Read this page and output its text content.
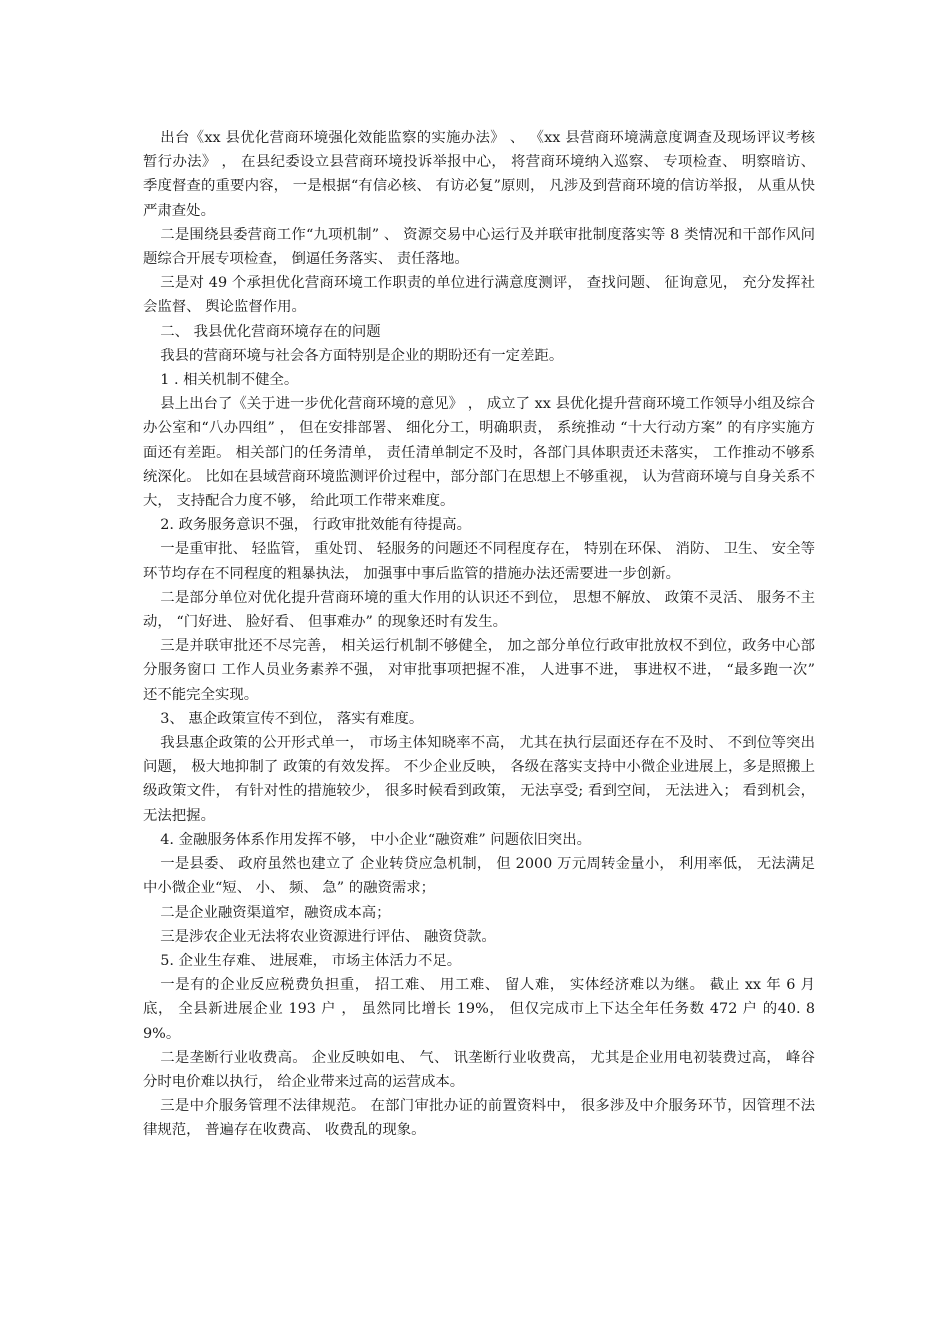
出台《xx 县优化营商环境强化效能监察的实施办法》 、 《xx 县营商环境满意度调查及现场评议考核暂行办法》 ， 在县纪委设立县营商环境投诉举报中心， 将营商环境纳入巡察、 专项检查、 明察暗访、 季度督查的重要内容， 一是根据“有信必核、 有访必复”原则， 凡涉及到营商环境的信访举报， 从重从快严肃查处。

二是围绕县委营商工作“九项机制” 、 资源交易中心运行及并联审批制度落实等 8 类情况和干部作风问题综合开展专项检查， 倒逼任务落实、 责任落地。

三是对 49 个承担优化营商环境工作职责的单位进行满意度测评， 查找问题、 征询意见， 充分发挥社会监督、 舆论监督作用。

二、 我县优化营商环境存在的问题

我县的营商环境与社会各方面特别是企业的期盼还有一定差距。

1 . 相关机制不健全。

县上出台了《关于进一步优化营商环境的意见》 ， 成立了 xx 县优化提升营商环境工作领导小组及综合办公室和“八办四组” ， 但在安排部署、 细化分工，明确职责， 系统推动 “十大行动方案” 的有序实施方面还有差距。 相关部门的任务清单， 责任清单制定不及时，各部门具体职责还未落实， 工作推动不够系统深化。 比如在县域营商环境监测评价过程中，部分部门在思想上不够重视， 认为营商环境与自身关系不大， 支持配合力度不够， 给此项工作带来难度。

2. 政务服务意识不强， 行政审批效能有待提高。

一是重审批、 轻监管， 重处罚、 轻服务的问题还不同程度存在， 特别在环保、 消防、 卫生、 安全等环节均存在不同程度的粗暴执法， 加强事中事后监管的措施办法还需要进一步创新。

二是部分单位对优化提升营商环境的重大作用的认识还不到位， 思想不解放、 政策不灵活、 服务不主动， “门好进、 脸好看、 但事难办” 的现象还时有发生。

三是并联审批还不尽完善， 相关运行机制不够健全， 加之部分单位行政审批放权不到位，政务中心部分服务窗口 工作人员业务素养不强， 对审批事项把握不准， 人进事不进， 事进权不进， “最多跑一次” 还不能完全实现。

3、 惠企政策宣传不到位， 落实有难度。

我县惠企政策的公开形式单一， 市场主体知晓率不高， 尤其在执行层面还存在不及时、 不到位等突出问题， 极大地抑制了 政策的有效发挥。 不少企业反映， 各级在落实支持中小微企业进展上，多是照搬上级政策文件， 有针对性的措施较少， 很多时候看到政策， 无法享受; 看到空间， 无法进入； 看到机会， 无法把握。

4. 金融服务体系作用发挥不够， 中小企业“融资难” 问题依旧突出。

一是县委、 政府虽然也建立了 企业转贷应急机制， 但 2000 万元周转金量小， 利用率低， 无法满足中小微企业“短、 小、 频、 急” 的融资需求；

二是企业融资渠道窄，融资成本高；

三是涉农企业无法将农业资源进行评估、 融资贷款。

5. 企业生存难、 进展难， 市场主体活力不足。

一是有的企业反应税费负担重， 招工难、 用工难、 留人难， 实体经济难以为继。 截止 xx 年 6 月 底， 全县新进展企业 193 户 ， 虽然同比增长 19%， 但仅完成市上下达全年任务数 472 户 的40. 89%。

二是垄断行业收费高。 企业反映如电、 气、 讯垄断行业收费高， 尤其是企业用电初装费过高， 峰谷分时电价难以执行， 给企业带来过高的运营成本。

三是中介服务管理不法律规范。 在部门审批办证的前置资料中， 很多涉及中介服务环节，因管理不法律规范， 普遍存在收费高、 收费乱的现象。
